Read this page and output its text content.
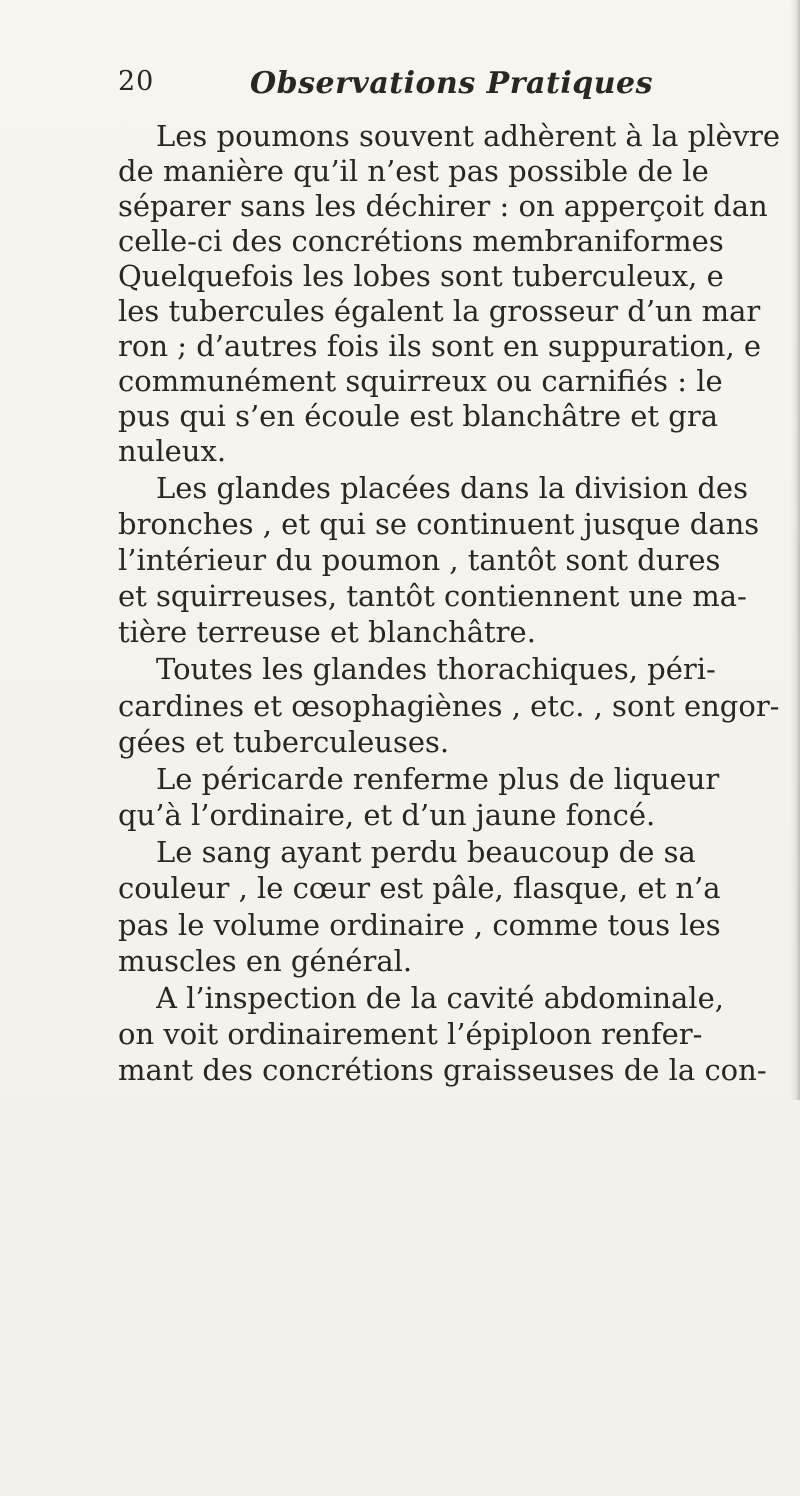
20	Observations Pratiques
Les poumons souvent adhèrent à la plèvre
de manière qu’il n’est pas possible de le
séparer sans les déchirer : on apperçoit dan
celle-ci des concrétions membraniformes
Quelquefois les lobes sont tuberculeux, e
les tubercules égalent la grosseur d’un mar
ron ; d’autres fois ils sont en suppuration, e
communément squirreux ou carnifiés : le
pus qui s’en écoule est blanchâtre et gra
nuleux.
Les glandes placées dans la division des
bronches , et qui se continuent jusque dans
l’intérieur du poumon , tantôt sont dures
et squirreuses, tantôt contiennent une ma-
tière terreuse et blanchâtre.
Toutes les glandes thorachiques, péri-
cardines et œsophagiènes , etc. , sont engor-
gées et tuberculeuses.
Le péricarde renferme plus de liqueur
qu’à l’ordinaire, et d’un jaune foncé.
Le sang ayant perdu beaucoup de sa
couleur , le cœur est pâle, flasque, et n’a
pas le volume ordinaire , comme tous les
muscles en général.
A l’inspection de la cavité abdominale,
on voit ordinairement l’épiploon renfer-
mant des concrétions graisseuses de la con-
